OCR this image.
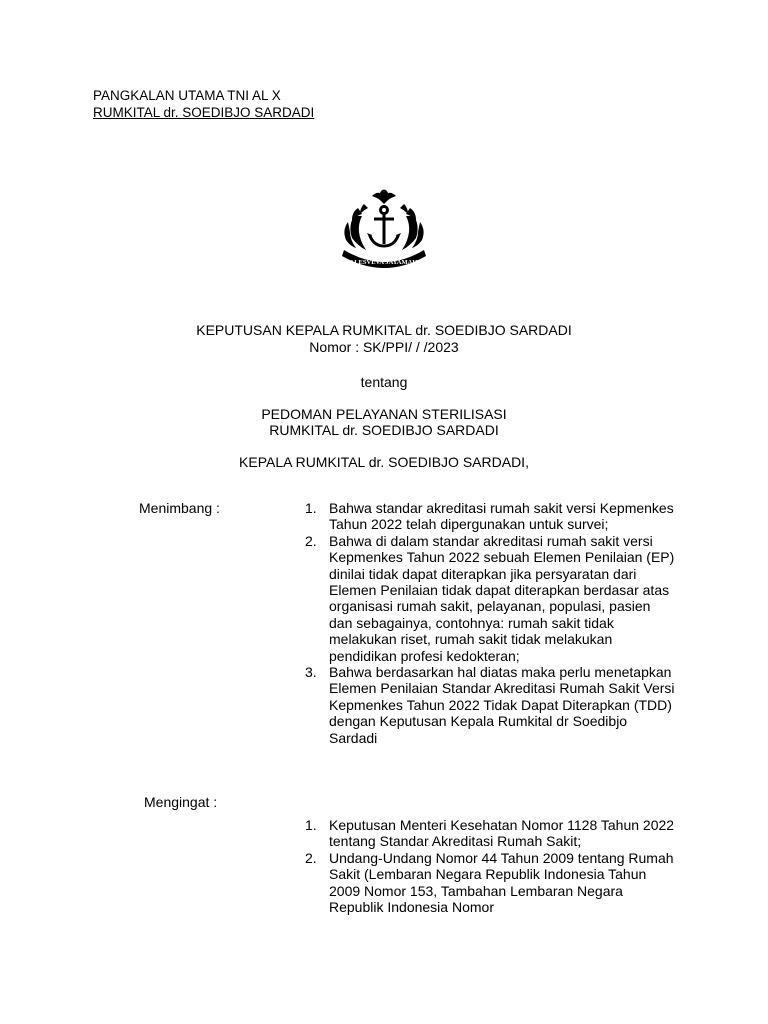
PANGKALAN UTAMA TNI AL X
RUMKITAL dr. SOEDIBJO SARDADI
JALESVEVA JAYAMAHE
KEPUTUSAN KEPALA RUMKITAL dr. SOEDIBJO SARDADI
Nomor : SK/PPI/ / /2023
tentang
PEDOMAN PELAYANAN STERILISASI
RUMKITAL dr. SOEDIBJO SARDADI
KEPALA RUMKITAL dr. SOEDIBJO SARDADI,
Menimbang :	1. Bahwa standar akreditasi rumah sakit versi Kepmenkes Tahun 2022 telah dipergunakan untuk survei;
2. Bahwa di dalam standar akreditasi rumah sakit versi Kepmenkes Tahun 2022 sebuah Elemen Penilaian (EP) dinilai tidak dapat diterapkan jika persyaratan dari Elemen Penilaian tidak dapat diterapkan berdasar atas organisasi rumah sakit, pelayanan, populasi, pasien dan sebagainya, contohnya: rumah sakit tidak melakukan riset, rumah sakit tidak melakukan pendidikan profesi kedokteran;
3. Bahwa berdasarkan hal diatas maka perlu menetapkan Elemen Penilaian Standar Akreditasi Rumah Sakit Versi Kepmenkes Tahun 2022 Tidak Dapat Diterapkan (TDD) dengan Keputusan Kepala Rumkital dr Soedibjo Sardadi
Mengingat :
1. Keputusan Menteri Kesehatan Nomor 1128 Tahun 2022 tentang Standar Akreditasi Rumah Sakit;
2. Undang-Undang Nomor 44 Tahun 2009 tentang Rumah Sakit (Lembaran Negara Republik Indonesia Tahun 2009 Nomor 153, Tambahan Lembaran Negara Republik Indonesia Nomor
